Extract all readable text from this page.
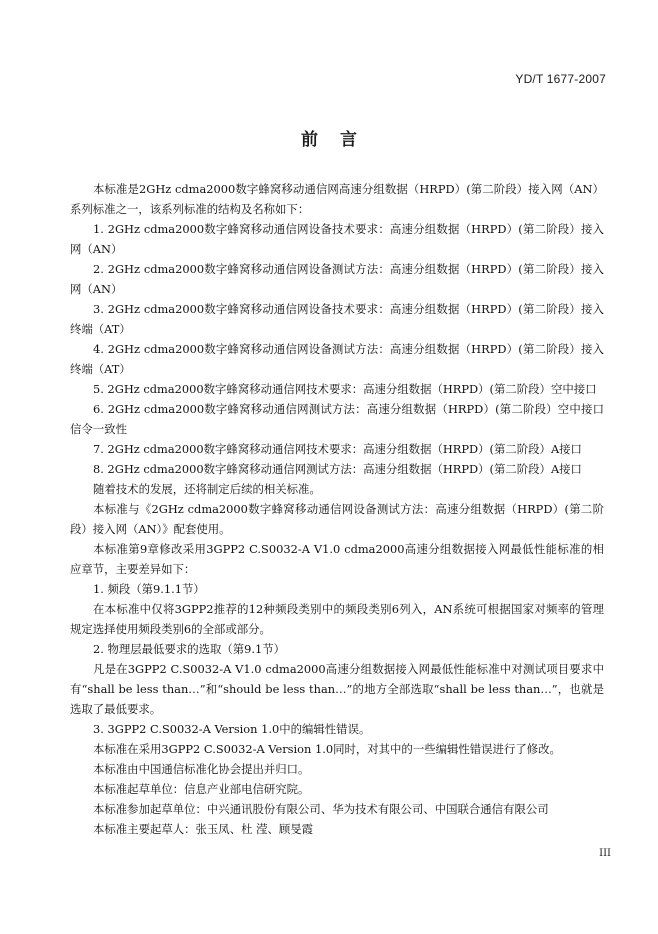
YD/T 1677-2007
前言

本标准是2GHz cdma2000数字蜂窝移动通信网高速分组数据（HRPD）(第二阶段）接入网（AN）系列标准之一，该系列标准的结构及名称如下：

1. 2GHz cdma2000数字蜂窝移动通信网设备技术要求：高速分组数据（HRPD）(第二阶段）接入网（AN）

2. 2GHz cdma2000数字蜂窝移动通信网设备测试方法：高速分组数据（HRPD）(第二阶段）接入网（AN）

3. 2GHz cdma2000数字蜂窝移动通信网设备技术要求：高速分组数据（HRPD）(第二阶段）接入终端（AT）

4. 2GHz cdma2000数字蜂窝移动通信网设备测试方法：高速分组数据（HRPD）(第二阶段）接入终端（AT）

5. 2GHz cdma2000数字蜂窝移动通信网技术要求：高速分组数据（HRPD）(第二阶段）空中接口

6. 2GHz cdma2000数字蜂窝移动通信网测试方法：高速分组数据（HRPD）(第二阶段）空中接口信令一致性

7. 2GHz cdma2000数字蜂窝移动通信网技术要求：高速分组数据（HRPD）(第二阶段）A接口

8. 2GHz cdma2000数字蜂窝移动通信网测试方法：高速分组数据（HRPD）(第二阶段）A接口

随着技术的发展，还将制定后续的相关标准。

本标准与《2GHz cdma2000数字蜂窝移动通信网设备测试方法：高速分组数据（HRPD）(第二阶段）接入网（AN）》配套使用。

本标准第9章修改采用3GPP2 C.S0032-A V1.0 cdma2000高速分组数据接入网最低性能标准的相应章节，主要差异如下：

1. 频段（第9.1.1节）

在本标准中仅将3GPP2推荐的12种频段类别中的频段类别6列入，AN系统可根据国家对频率的管理规定选择使用频段类别6的全部或部分。

2. 物理层最低要求的选取（第9.1节）

凡是在3GPP2 C.S0032-A V1.0 cdma2000高速分组数据接入网最低性能标准中对测试项目要求中有“shall be less than…”和“should be less than…”的地方全部选取“shall be less than…”，也就是选取了最低要求。

3. 3GPP2 C.S0032-A Version 1.0中的编辑性错误。

本标准在采用3GPP2 C.S0032-A Version 1.0同时，对其中的一些编辑性错误进行了修改。

本标准由中国通信标准化协会提出并归口。

本标准起草单位：信息产业部电信研究院。

本标准参加起草单位：中兴通讯股份有限公司、华为技术有限公司、中国联合通信有限公司

本标准主要起草人：张玉凤、杜 滢、顾旻霞

III
